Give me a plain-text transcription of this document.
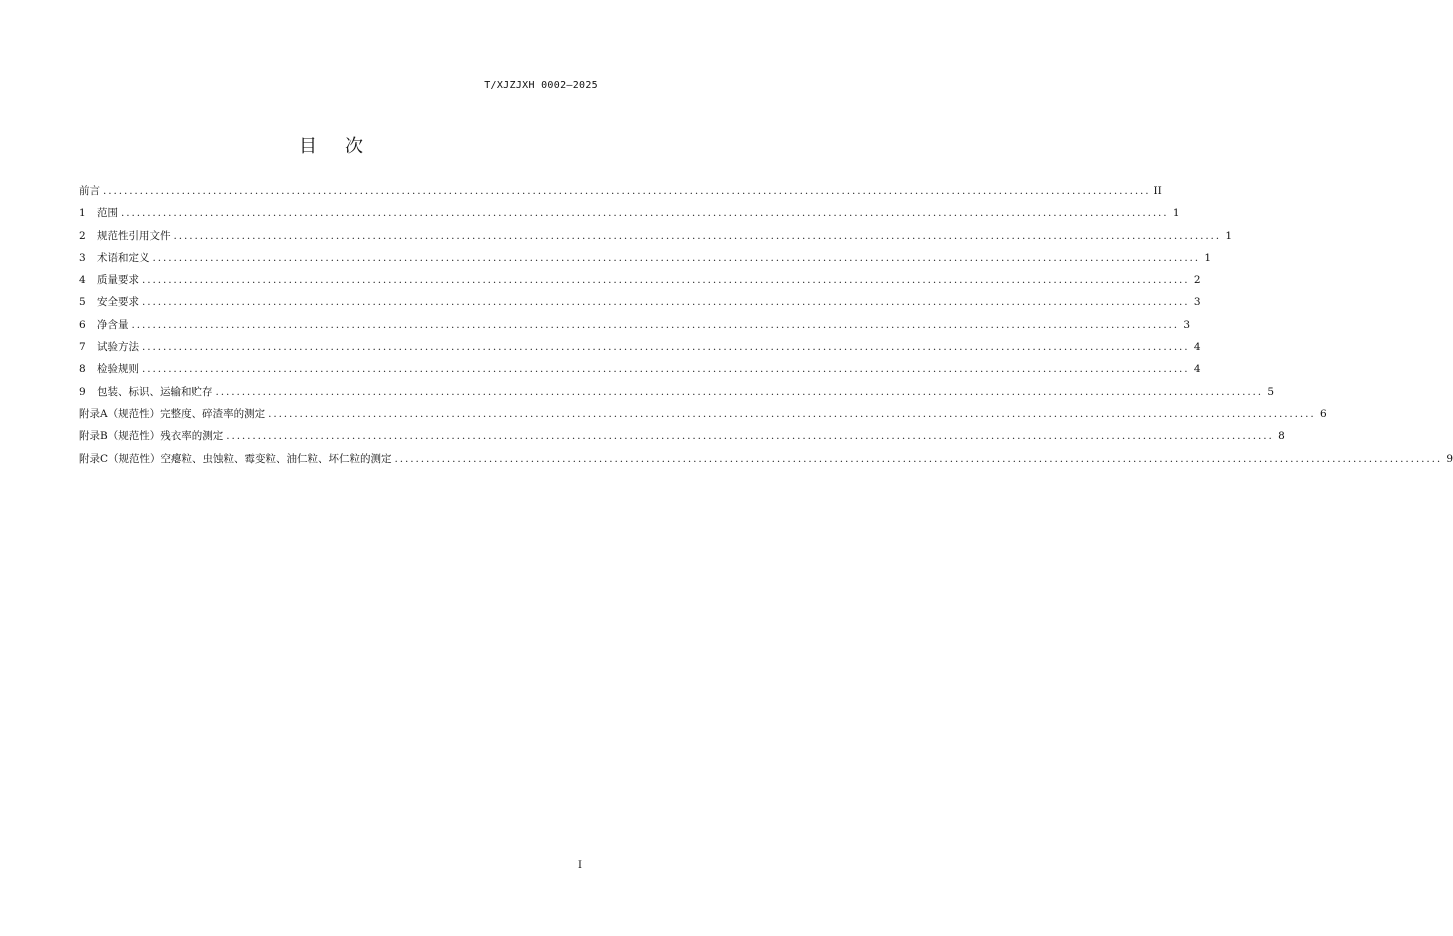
T/XJZJXH 0002—2025
目 次
前言 ........................................................................................................................................................................................................ II
1	范围 ........................................................................................................................................................................................................ 1
2	规范性引用文件 ........................................................................................................................................................................................................ 1
3	术语和定义 ........................................................................................................................................................................................................ 1
4	质量要求 ........................................................................................................................................................................................................ 2
5	安全要求 ........................................................................................................................................................................................................ 3
6	净含量 ........................................................................................................................................................................................................ 3
7	试验方法 ........................................................................................................................................................................................................ 4
8	检验规则 ........................................................................................................................................................................................................ 4
9	包装、标识、运输和贮存 ........................................................................................................................................................................................................ 5
附录A（规范性） 完整度、碎渣率的测定 ........................................................................................................................................................................................................ 6
附录B（规范性） 残衣率的测定 ........................................................................................................................................................................................................ 8
附录C（规范性） 空瘪粒、虫蚀粒、霉变粒、油仁粒、坏仁粒的测定 ........................................................................................................................................................................................................ 9
I
